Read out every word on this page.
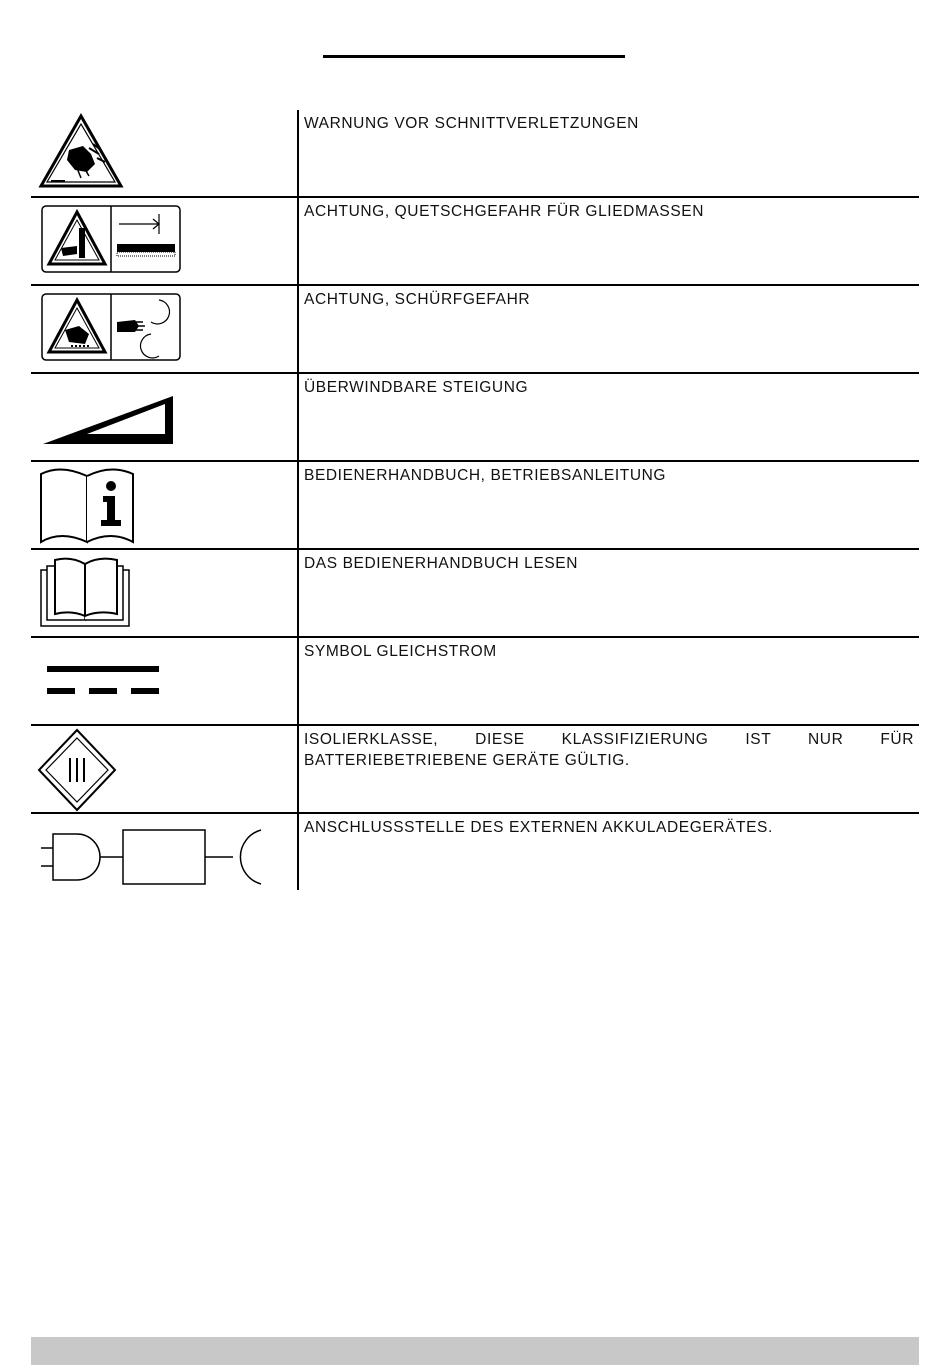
WARNUNG VOR SCHNITTVERLETZUNGEN
ACHTUNG, QUETSCHGEFAHR FÜR GLIEDMASSEN
ACHTUNG, SCHÜRFGEFAHR
ÜBERWINDBARE STEIGUNG
BEDIENERHANDBUCH, BETRIEBSANLEITUNG
DAS BEDIENERHANDBUCH LESEN
SYMBOL GLEICHSTROM
ISOLIERKLASSE, DIESE KLASSIFIZIERUNG IST NUR FÜR BATTERIEBETRIEBENE GERÄTE GÜLTIG.
ANSCHLUSSSTELLE DES EXTERNEN AKKULADEGERÄTES.
